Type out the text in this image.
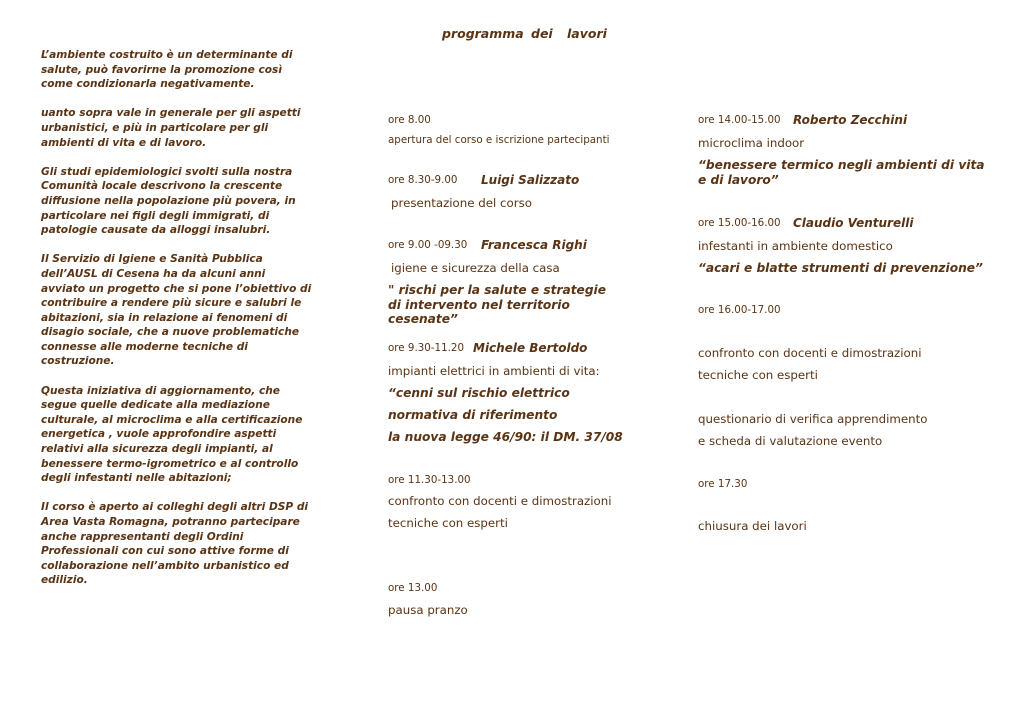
programma dei lavori

L’ambiente costruito è un determinante di salute, può favorirne la promozione così come condizionarla negativamente.

uanto sopra vale in generale per gli aspetti urbanistici, e più in particolare per gli ambienti di vita e di lavoro.

Gli studi epidemiologici svolti sulla nostra Comunità locale descrivono la crescente diffusione nella popolazione più povera, in particolare nei figli degli immigrati, di patologie causate da alloggi insalubri.

Il Servizio di Igiene e Sanità Pubblica dell’AUSL di Cesena ha da alcuni anni avviato un progetto che si pone l’obiettivo di contribuire a rendere più sicure e salubri le abitazioni, sia in relazione ai fenomeni di disagio sociale, che a nuove problematiche connesse alle moderne tecniche di costruzione.

Questa iniziativa di aggiornamento, che segue quelle dedicate alla mediazione culturale, al microclima e alla certificazione energetica , vuole approfondire aspetti relativi alla sicurezza degli impianti, al benessere termo-igrometrico e al controllo degli infestanti nelle abitazioni;

Il corso è aperto ai colleghi degli altri DSP di Area Vasta Romagna, potranno partecipare anche rappresentanti degli Ordini Professionali con cui sono attive forme di collaborazione nell’ambito urbanistico ed edilizio.

ore 8.00
apertura del corso e iscrizione partecipanti
ore 8.30-9.00 Luigi Salizzato
presentazione del corso
ore 9.00 -09.30 Francesca Righi
igiene e sicurezza della casa
" rischi per la salute e strategie di intervento nel territorio cesenate”
ore 9.30-11.20 Michele Bertoldo
impianti elettrici in ambienti di vita:
“cenni sul rischio elettrico
normativa di riferimento
la nuova legge 46/90: il DM. 37/08
ore 11.30-13.00
confronto con docenti e dimostrazioni
tecniche con esperti
ore 13.00
pausa pranzo
ore 14.00-15.00 Roberto Zecchini
microclima indoor
“benessere termico negli ambienti di vita e di lavoro”
ore 15.00-16.00 Claudio Venturelli
infestanti in ambiente domestico
“acari e blatte strumenti di prevenzione”
ore 16.00-17.00
confronto con docenti e dimostrazioni
tecniche con esperti
questionario di verifica apprendimento
e scheda di valutazione evento
ore 17.30
chiusura dei lavori
